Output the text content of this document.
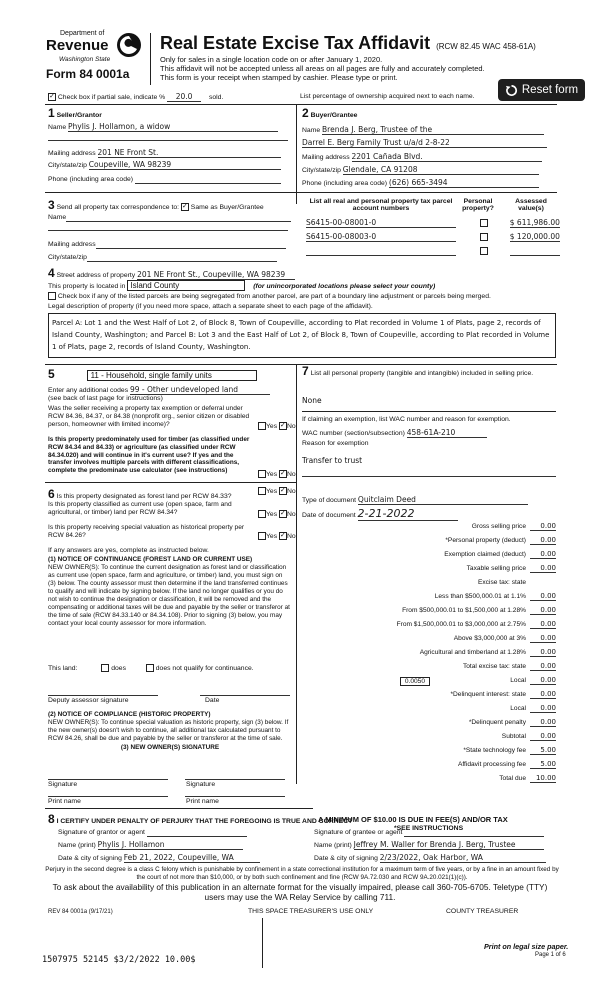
Department of
Revenue
Washington State
Form 84 0001a
Real Estate Excise Tax Affidavit (RCW 82.45 WAC 458-61A)
Only for sales in a single location code on or after January 1, 2020.
This affidavit will not be accepted unless all areas on all pages are fully and accurately completed.
This form is your receipt when stamped by cashier. Please type or print.
Reset form
✓ Check box if partial sale, indicate % 20.0 sold.	List percentage of ownership acquired next to each name.
1 Seller/Grantor
Name Phylis J. Hollamon, a widow
Mailing address 201 NE Front St.
City/state/zip Coupeville, WA 98239
Phone (including area code)
2 Buyer/Grantee
Name Brenda J. Berg, Trustee of the
Darrel E. Berg Family Trust u/a/d 2-8-22
Mailing address 2201 Cañada Blvd.
City/state/zip Glendale, CA 91208
Phone (including area code) (626) 665-3494
3 Send all property tax correspondence to: ✓ Same as Buyer/Grantee
Name
Mailing address
City/state/zip
List all real and personal property tax parcel account numbers
Personal property?
Assessed value(s)
S6415-00-08001-0	$ 611,986.00
S6415-00-08003-0	$ 120,000.00

4 Street address of property 201 NE Front St., Coupeville, WA 98239
This property is located in Island County	(for unincorporated locations please select your county)
Check box if any of the listed parcels are being segregated from another parcel, are part of a boundary line adjustment or parcels being merged.
Legal description of property (if you need more space, attach a separate sheet to each page of the affidavit).
Parcel A: Lot 1 and the West Half of Lot 2, of Block 8, Town of Coupeville, according to Plat recorded in Volume 1 of Plats, page 2, records of Island County, Washington; and Parcel B: Lot 3 and the East Half of Lot 2, of Block 8, Town of Coupeville, according to Plat recorded in Volume 1 of Plats, page 2, records of Island County, Washington.
5	11 - Household, single family units
Enter any additional codes 99 - Other undeveloped land
(see back of last page for instructions)
Was the seller receiving a property tax exemption or deferral under RCW 84.36, 84.37, or 84.38 (nonprofit org., senior citizen or disabled person, homeowner with limited income)?	Yes ✓ No
Is this property predominately used for timber (as classified under RCW 84.34 and 84.33) or agriculture (as classified under RCW 84.34.020) and will continue in it's current use? If yes and the transfer involves multiple parcels with different classifications, complete the predominate use calculator (see instructions)
Yes ✓ No
6 Is this property designated as forest land per RCW 84.33?
Yes ✓No
Is this property classified as current use (open space, farm and agricultural, or timber) land per RCW 84.34?	Yes ✓No
Is this property receiving special valuation as historical property per RCW 84.26?	Yes ✓No
If any answers are yes, complete as instructed below.
(1) NOTICE OF CONTINUANCE (FOREST LAND OR CURRENT USE)
NEW OWNER(S): To continue the current designation as forest land or classification as current use (open space, farm and agriculture, or timber) land, you must sign on (3) below. The county assessor must then determine if the land transferred continues to qualify and will indicate by signing below. If the land no longer qualifies or you do not wish to continue the designation or classification, it will be removed and the compensating or additional taxes will be due and payable by the seller or transferor at the time of sale (RCW 84.33.140 or 84.34.108). Prior to signing (3) below, you may contact your local county assessor for more information.
This land:	does	does not qualify for continuance.
Deputy assessor signature	Date
(2) NOTICE OF COMPLIANCE (HISTORIC PROPERTY)
NEW OWNER(S): To continue special valuation as historic property, sign (3) below. If the new owner(s) doesn't wish to continue, all additional tax calculated pursuant to RCW 84.26, shall be due and payable by the seller or transferor at the time of sale.
(3) NEW OWNER(S) SIGNATURE
Signature	Signature
Print name	Print name
7 List all personal property (tangible and intangible) included in selling price.
None
If claiming an exemption, list WAC number and reason for exemption.
WAC number (section/subsection) 458-61A-210
Reason for exemption
Transfer to trust
Type of document Quitclaim Deed
Date of document 2-21-2022
Gross selling price	0.00
*Personal property (deduct)	0.00
Exemption claimed (deduct)	0.00
Taxable selling price	0.00
Excise tax: state
Less than $500,000.01 at 1.1%	0.00
From $500,000.01 to $1,500,000 at 1.28%	0.00
From $1,500,000.01 to $3,000,000 at 2.75%	0.00
Above $3,000,000 at 3%	0.00
Agricultural and timberland at 1.28%	0.00
Total excise tax: state	0.00
Local
0.0050	0.00
*Delinquent interest: state	0.00
Local	0.00
*Delinquent penalty	0.00
Subtotal	0.00
*State technology fee	5.00
Affidavit processing fee	5.00
Total due	10.00
A MINIMUM OF $10.00 IS DUE IN FEE(S) AND/OR TAX
*SEE INSTRUCTIONS
8 I CERTIFY UNDER PENALTY OF PERJURY THAT THE FOREGOING IS TRUE AND CORRECT
Signature of grantor or agent	Signature of grantee or agent
Name (print) Phylis J. Hollamon	Name (print) Jeffrey M. Waller for Brenda J. Berg, Trustee
Date & city of signing Feb 21, 2022, Coupeville, WA	Date & city of signing 2/23/2022, Oak Harbor, WA
Perjury in the second degree is a class C felony which is punishable by confinement in a state correctional institution for a maximum term of five years, or by a fine in an amount fixed by the court of not more than $10,000, or by both such confinement and fine (RCW 9A.72.030 and RCW 9A.20.021(1)(c)).
To ask about the availability of this publication in an alternate format for the visually impaired, please call 360-705-6705. Teletype (TTY) users may use the WA Relay Service by calling 711.
REV 84 0001a (9/17/21)	THIS SPACE TREASURER'S USE ONLY	COUNTY TREASURER
Print on legal size paper.
Page 1 of 6
1507975 52145 $3/2/2022 10.00$
